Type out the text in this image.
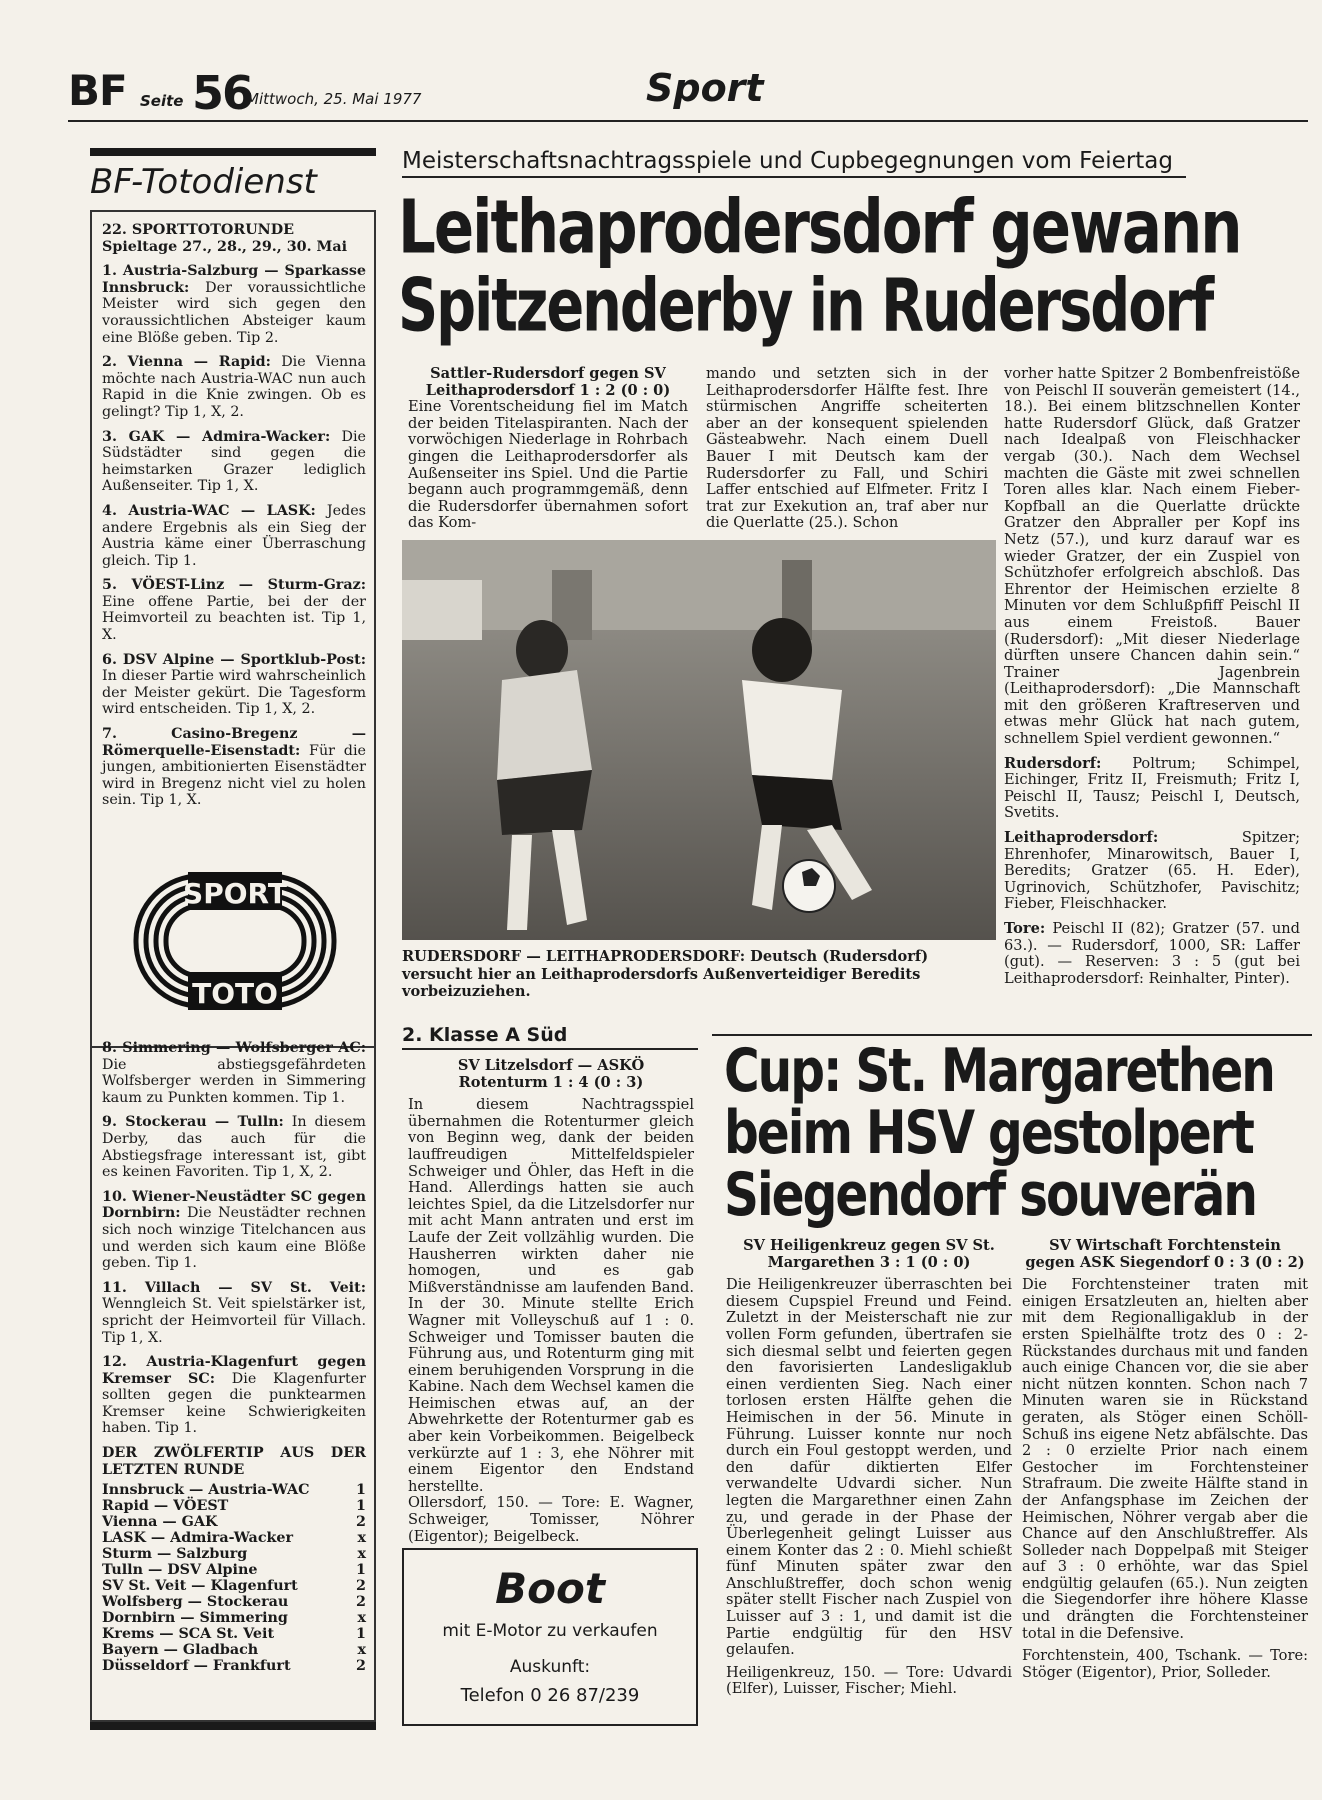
BF Seite 56
Mittwoch, 25. Mai 1977	Sport
BF-Totodienst

22. SPORTTOTORUNDE

Spieltage 27., 28., 29., 30. Mai

1. Austria-Salzburg — Sparkasse Innsbruck: Der voraussichtliche Meister wird sich gegen den voraussichtlichen Absteiger kaum eine Blöße geben. Tip 2.

2. Vienna — Rapid: Die Vienna möchte nach Austria-WAC nun auch Rapid in die Knie zwingen. Ob es gelingt? Tip 1, X, 2.

3. GAK — Admira-Wacker: Die Südstädter sind gegen die heimstarken Grazer lediglich Außenseiter. Tip 1, X.

4. Austria-WAC — LASK: Jedes andere Ergebnis als ein Sieg der Austria käme einer Überraschung gleich. Tip 1.

5. VÖEST-Linz — Sturm-Graz: Eine offene Partie, bei der der Heimvorteil zu beachten ist. Tip 1, X.

6. DSV Alpine — Sportklub-Post: In dieser Partie wird wahrscheinlich der Meister gekürt. Die Tagesform wird entscheiden. Tip 1, X, 2.

7. Casino-Bregenz — Römerquelle-Eisenstadt: Für die jungen, ambitionierten Eisenstädter wird in Bregenz nicht viel zu holen sein. Tip 1, X.

SPORT
TOTO

8. Simmering — Wolfsberger AC: Die abstiegsgefährdeten Wolfsberger werden in Simmering kaum zu Punkten kommen. Tip 1.

9. Stockerau — Tulln: In diesem Derby, das auch für die Abstiegsfrage interessant ist, gibt es keinen Favoriten. Tip 1, X, 2.

10. Wiener-Neustädter SC gegen Dornbirn: Die Neustädter rechnen sich noch winzige Titelchancen aus und werden sich kaum eine Blöße geben. Tip 1.

11. Villach — SV St. Veit: Wenngleich St. Veit spielstärker ist, spricht der Heimvorteil für Villach. Tip 1, X.

12. Austria-Klagenfurt gegen Kremser SC: Die Klagenfurter sollten gegen die punktearmen Kremser keine Schwierigkeiten haben. Tip 1.

DER ZWÖLFERTIP AUS DER LETZTEN RUNDE

Innsbruck — Austria-WAC	1
Rapid — VÖEST	1
Vienna — GAK	2
LASK — Admira-Wacker	x
Sturm — Salzburg	x
Tulln — DSV Alpine	1
SV St. Veit — Klagenfurt	2
Wolfsberg — Stockerau	2
Dornbirn — Simmering	x
Krems — SCA St. Veit	1
Bayern — Gladbach	x
Düsseldorf — Frankfurt	2
Meisterschaftsnachtragsspiele und Cupbegegnungen vom Feiertag
Leithaprodersdorf gewann
Spitzenderby in Rudersdorf

Sattler-Rudersdorf gegen SV Leithaprodersdorf 1 : 2 (0 : 0)

Eine Vorentscheidung fiel im Match der beiden Titelaspiranten. Nach der vorwöchigen Niederlage in Rohrbach gingen die Leithaprodersdorfer als Außenseiter ins Spiel. Und die Partie begann auch programmgemäß, denn die Rudersdorfer übernahmen sofort das Kom-

mando und setzten sich in der Leithaprodersdorfer Hälfte fest. Ihre stürmischen Angriffe scheiterten aber an der konsequent spielenden Gästeabwehr. Nach einem Duell Bauer I mit Deutsch kam der Rudersdorfer zu Fall, und Schiri Laffer entschied auf Elfmeter. Fritz I trat zur Exekution an, traf aber nur die Querlatte (25.). Schon

vorher hatte Spitzer 2 Bombenfreistöße von Peischl II souverän gemeistert (14., 18.). Bei einem blitzschnellen Konter hatte Rudersdorf Glück, daß Gratzer nach Idealpaß von Fleischhacker vergab (30.). Nach dem Wechsel machten die Gäste mit zwei schnellen Toren alles klar. Nach einem Fieber-Kopfball an die Querlatte drückte Gratzer den Abpraller per Kopf ins Netz (57.), und kurz darauf war es wieder Gratzer, der ein Zuspiel von Schützhofer erfolgreich abschloß. Das Ehrentor der Heimischen erzielte 8 Minuten vor dem Schlußpfiff Peischl II aus einem Freistoß. Bauer (Rudersdorf): „Mit dieser Niederlage dürften unsere Chancen dahin sein.“ Trainer Jagenbrein (Leithaprodersdorf): „Die Mannschaft mit den größeren Kraftreserven und etwas mehr Glück hat nach gutem, schnellem Spiel verdient gewonnen.“

Rudersdorf: Poltrum; Schimpel, Eichinger, Fritz II, Freismuth; Fritz I, Peischl II, Tausz; Peischl I, Deutsch, Svetits.

Leithaprodersdorf:	Spitzer; Ehrenhofer, Minarowitsch, Bauer I, Beredits; Gratzer (65. H. Eder), Ugrinovich, Schützhofer, Pavischitz; Fieber, Fleischhacker.

Tore: Peischl II (82); Gratzer (57. und 63.). — Rudersdorf, 1000, SR: Laffer (gut). — Reserven: 3 : 5 (gut bei Leithaprodersdorf: Reinhalter, Pinter).

RUDERSDORF — LEITHAPRODERSDORF: Deutsch (Rudersdorf) versucht hier an Leithaprodersdorfs Außenverteidiger Beredits vorbeizuziehen.
2. Klasse A Süd

SV Litzelsdorf — ASKÖ Rotenturm 1 : 4 (0 : 3)

In diesem Nachtragsspiel übernahmen die Rotenturmer gleich von Beginn weg, dank der beiden lauffreudigen Mittelfeldspieler Schweiger und Öhler, das Heft in die Hand. Allerdings hatten sie auch leichtes Spiel, da die Litzelsdorfer nur mit acht Mann antraten und erst im Laufe der Zeit vollzählig wurden. Die Hausherren wirkten daher nie homogen, und es gab Mißverständnisse am laufenden Band. In der 30. Minute stellte Erich Wagner mit Volleyschuß auf 1 : 0. Schweiger und Tomisser bauten die Führung aus, und Rotenturm ging mit einem beruhigenden Vorsprung in die Kabine. Nach dem Wechsel kamen die Heimischen etwas auf, an der Abwehrkette der Rotenturmer gab es aber kein Vorbeikommen. Beigelbeck verkürzte auf 1 : 3, ehe Nöhrer mit einem Eigentor den Endstand herstellte.

Ollersdorf, 150. — Tore: E. Wagner, Schweiger, Tomisser, Nöhrer (Eigentor); Beigelbeck.

Boot
mit E-Motor zu verkaufen
Auskunft:
Telefon 0 26 87/239
Cup: St. Margarethen
beim HSV gestolpert
Siegendorf souverän

SV Heiligenkreuz gegen SV St. Margarethen 3 : 1 (0 : 0)

Die Heiligenkreuzer überraschten bei diesem Cupspiel Freund und Feind. Zuletzt in der Meisterschaft nie zur vollen Form gefunden, übertrafen sie sich diesmal selbt und feierten gegen den favorisierten Landesligaklub einen verdienten Sieg. Nach einer torlosen ersten Hälfte gehen die Heimischen in der 56. Minute in Führung. Luisser konnte nur noch durch ein Foul gestoppt werden, und den dafür diktierten Elfer verwandelte Udvardi sicher. Nun legten die Margarethner einen Zahn zu, und gerade in der Phase der Überlegenheit gelingt Luisser aus einem Konter das 2 : 0. Miehl schießt fünf Minuten später zwar den Anschlußtreffer, doch schon wenig später stellt Fischer nach Zuspiel von Luisser auf 3 : 1, und damit ist die Partie endgültig für den HSV gelaufen.

Heiligenkreuz, 150. — Tore: Udvardi (Elfer), Luisser, Fischer; Miehl.

SV Wirtschaft Forchtenstein gegen ASK Siegendorf 0 : 3 (0 : 2)

Die Forchtensteiner traten mit einigen Ersatzleuten an, hielten aber mit dem Regionalligaklub in der ersten Spielhälfte trotz des 0 : 2-Rückstandes durchaus mit und fanden auch einige Chancen vor, die sie aber nicht nützen konnten. Schon nach 7 Minuten waren sie in Rückstand geraten, als Stöger einen Schöll-Schuß ins eigene Netz abfälschte. Das 2 : 0 erzielte Prior nach einem Gestocher im Forchtensteiner Strafraum. Die zweite Hälfte stand in der Anfangsphase im Zeichen der Heimischen, Nöhrer vergab aber die Chance auf den Anschlußtreffer. Als Solleder nach Doppelpaß mit Steiger auf 3 : 0 erhöhte, war das Spiel endgültig gelaufen (65.). Nun zeigten die Siegendorfer ihre höhere Klasse und drängten die Forchtensteiner total in die Defensive.

Forchtenstein, 400, Tschank. — Tore: Stöger (Eigentor), Prior, Solleder.
